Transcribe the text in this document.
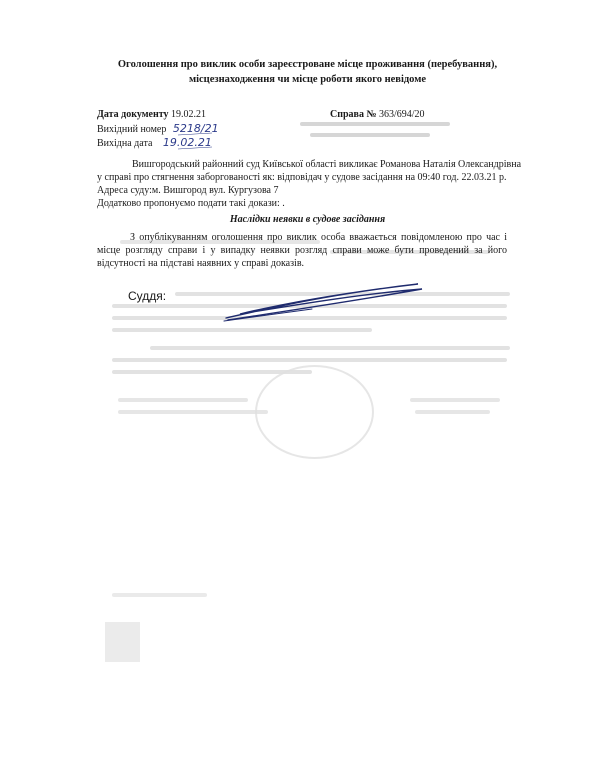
Оголошення про виклик особи зареєстроване місце проживання (перебування),
місцезнаходження чи місце роботи якого невідоме
Дата документу 19.02.21	Справа № 363/694/20
Вихідний номер 5218/21
Вихідна дата 19.02.21
Вишгородський районний суд Київської області викликає Романова Наталія Олександрівна
у справі про стягнення заборгованості як: відповідач у судове засідання на 09:40 год. 22.03.21 р.
Адреса суду:м. Вишгород вул. Кургузова 7
Додатково пропонуємо подати такі докази: .
Наслідки неявки в судове засідання
З опублікуванням оголошення про виклик особа вважається повідомленою про час і місце розгляду справи і у випадку неявки розгляд справи може бути проведений за його відсутності на підставі наявних у справі доказів.
Суддя:
